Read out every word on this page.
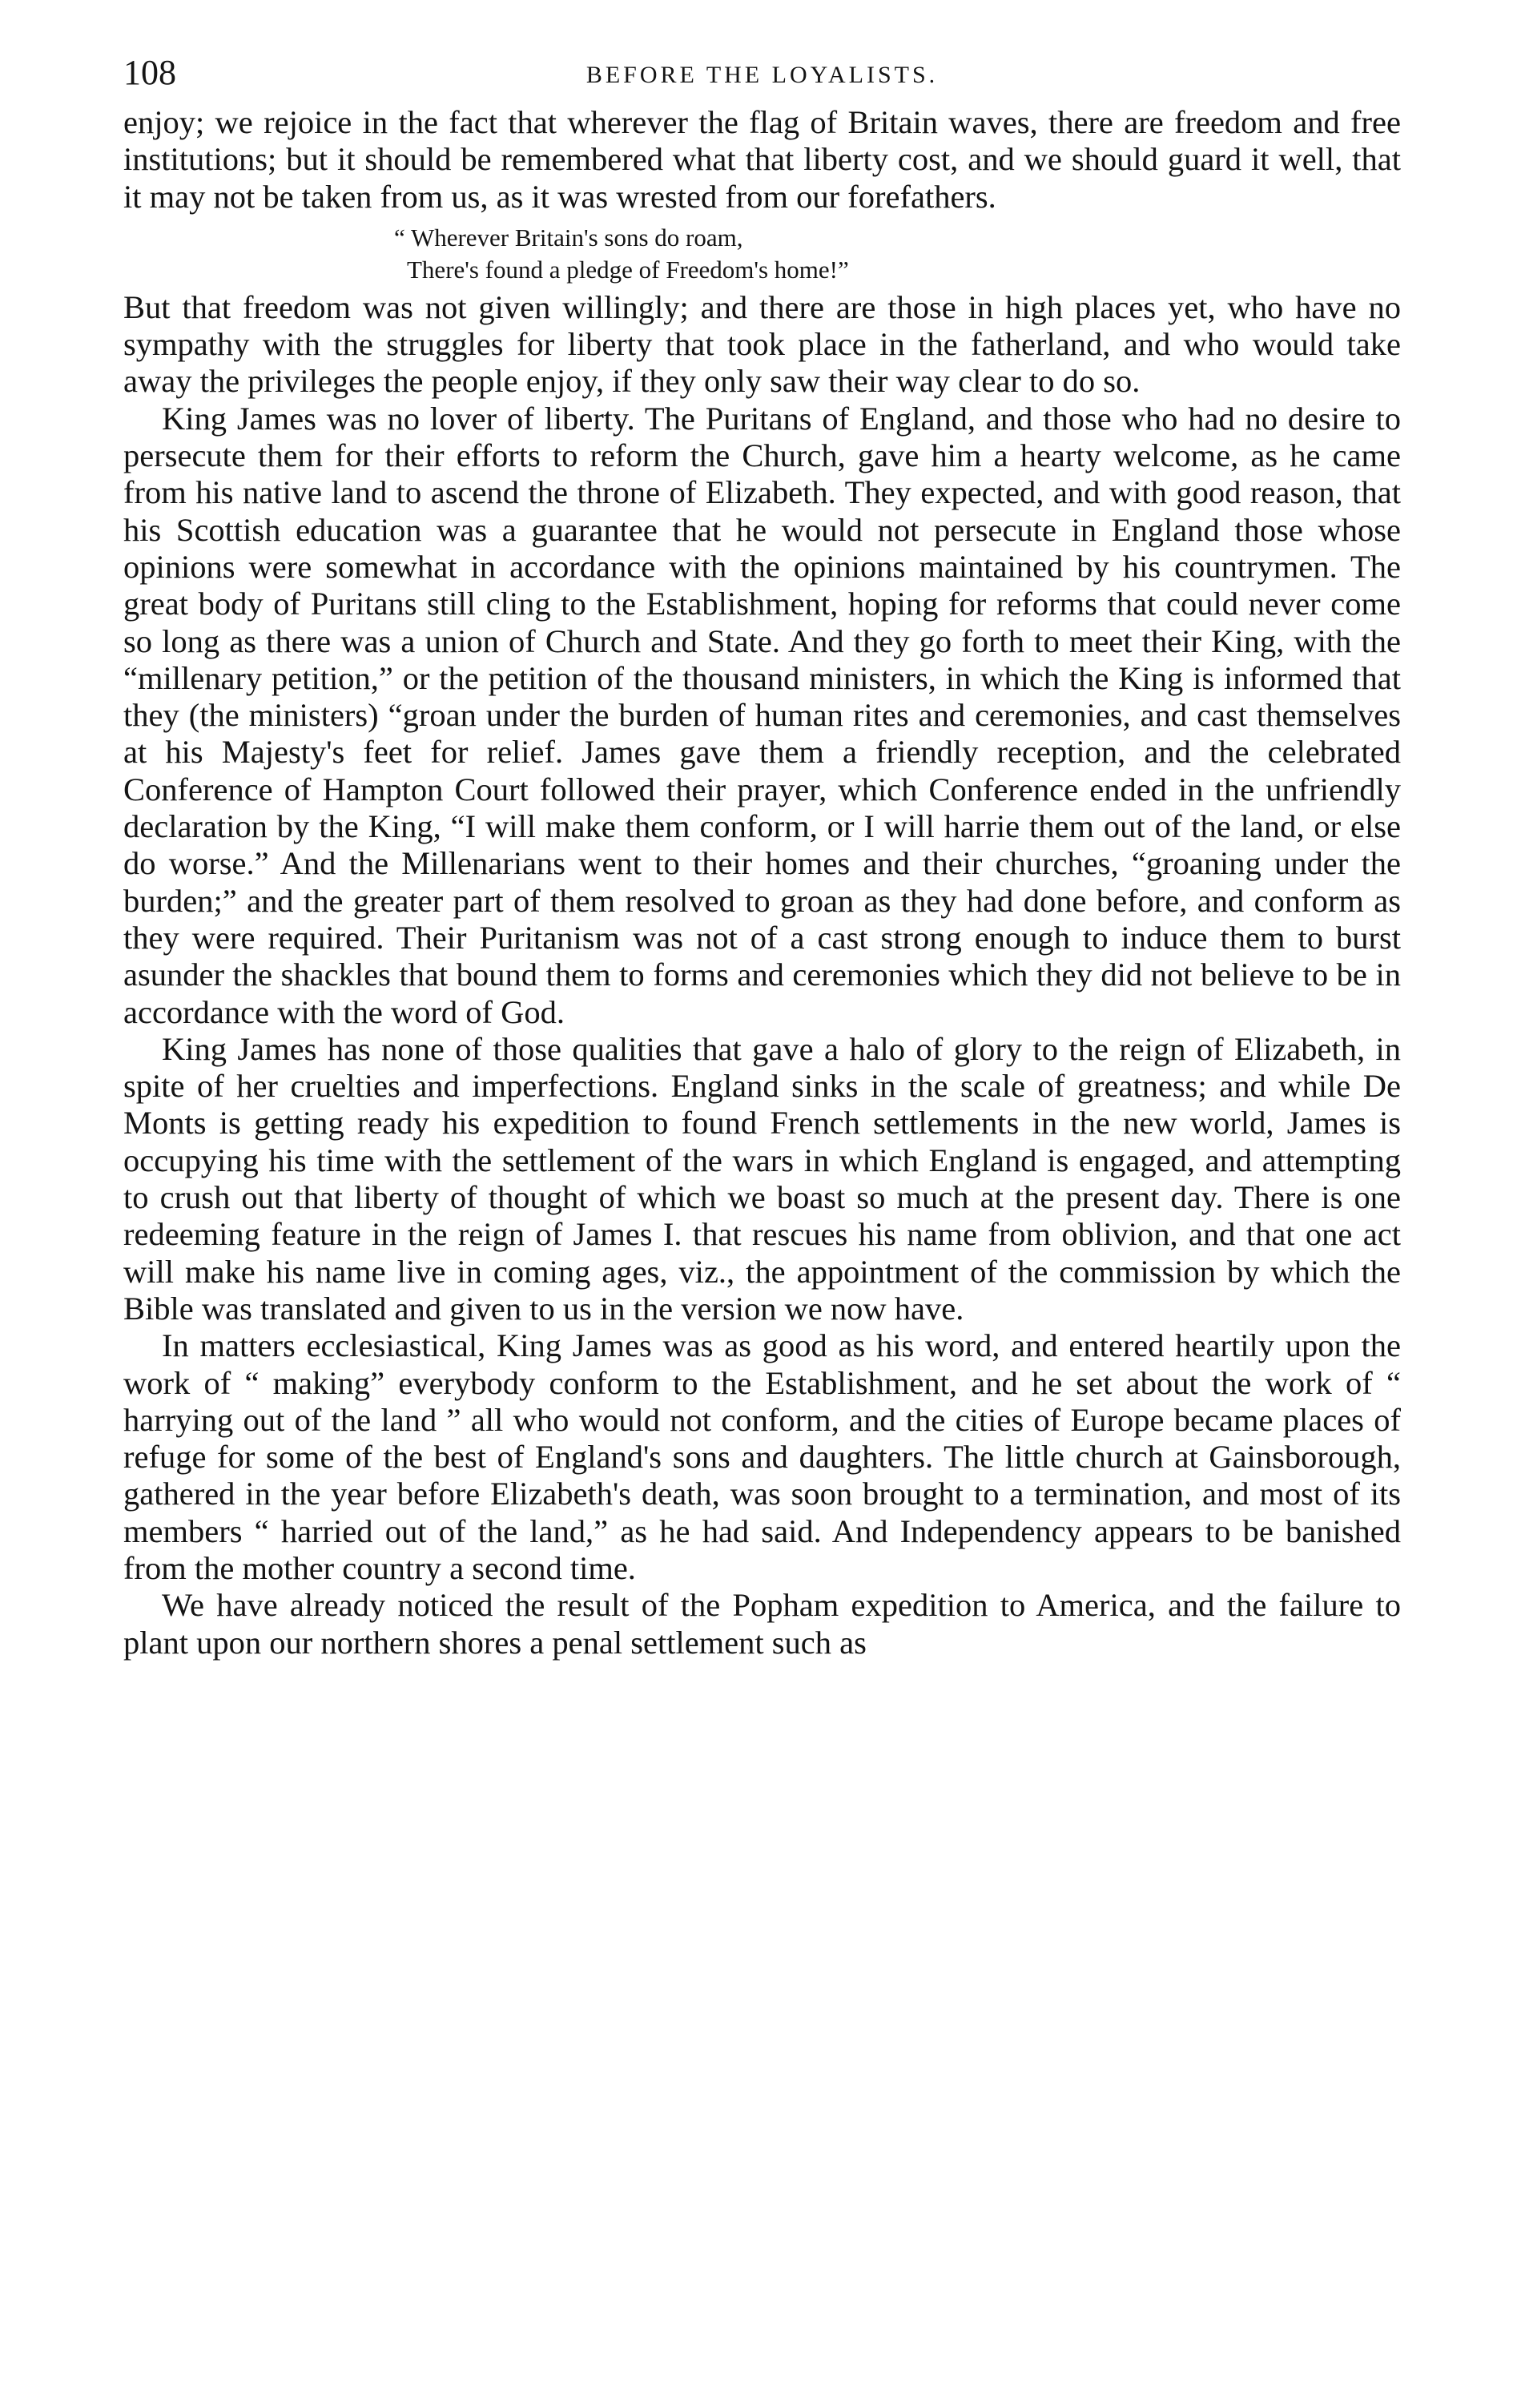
108	BEFORE THE LOYALISTS.

enjoy; we rejoice in the fact that wherever the flag of Britain waves, there are freedom and free institutions; but it should be remembered what that liberty cost, and we should guard it well, that it may not be taken from us, as it was wrested from our forefathers.

“ Wherever Britain's sons do roam,
There's found a pledge of Freedom's home!”

But that freedom was not given willingly; and there are those in high places yet, who have no sympathy with the struggles for liberty that took place in the fatherland, and who would take away the privileges the people enjoy, if they only saw their way clear to do so.

King James was no lover of liberty. The Puritans of England, and those who had no desire to persecute them for their efforts to reform the Church, gave him a hearty welcome, as he came from his native land to ascend the throne of Elizabeth. They expected, and with good reason, that his Scottish education was a guarantee that he would not persecute in England those whose opinions were somewhat in accordance with the opinions maintained by his countrymen. The great body of Puritans still cling to the Establishment, hoping for reforms that could never come so long as there was a union of Church and State. And they go forth to meet their King, with the “millenary petition,” or the petition of the thousand ministers, in which the King is informed that they (the ministers) “groan under the burden of human rites and ceremonies, and cast themselves at his Majesty's feet for relief. James gave them a friendly reception, and the celebrated Conference of Hampton Court followed their prayer, which Conference ended in the unfriendly declaration by the King, “I will make them conform, or I will harrie them out of the land, or else do worse.” And the Millenarians went to their homes and their churches, “groaning under the burden;” and the greater part of them resolved to groan as they had done before, and conform as they were required. Their Puritanism was not of a cast strong enough to induce them to burst asunder the shackles that bound them to forms and ceremonies which they did not believe to be in accordance with the word of God.

King James has none of those qualities that gave a halo of glory to the reign of Elizabeth, in spite of her cruelties and imperfections. England sinks in the scale of greatness; and while De Monts is getting ready his expedition to found French settlements in the new world, James is occupying his time with the settlement of the wars in which England is engaged, and attempting to crush out that liberty of thought of which we boast so much at the present day. There is one redeeming feature in the reign of James I. that rescues his name from oblivion, and that one act will make his name live in coming ages, viz., the appointment of the commission by which the Bible was translated and given to us in the version we now have.

In matters ecclesiastical, King James was as good as his word, and entered heartily upon the work of “ making” everybody conform to the Establishment, and he set about the work of “ harrying out of the land ” all who would not conform, and the cities of Europe became places of refuge for some of the best of England's sons and daughters. The little church at Gainsborough, gathered in the year before Elizabeth's death, was soon brought to a termination, and most of its members “ harried out of the land,” as he had said. And Independency appears to be banished from the mother country a second time.

We have already noticed the result of the Popham expedition to America, and the failure to plant upon our northern shores a penal settlement such as
